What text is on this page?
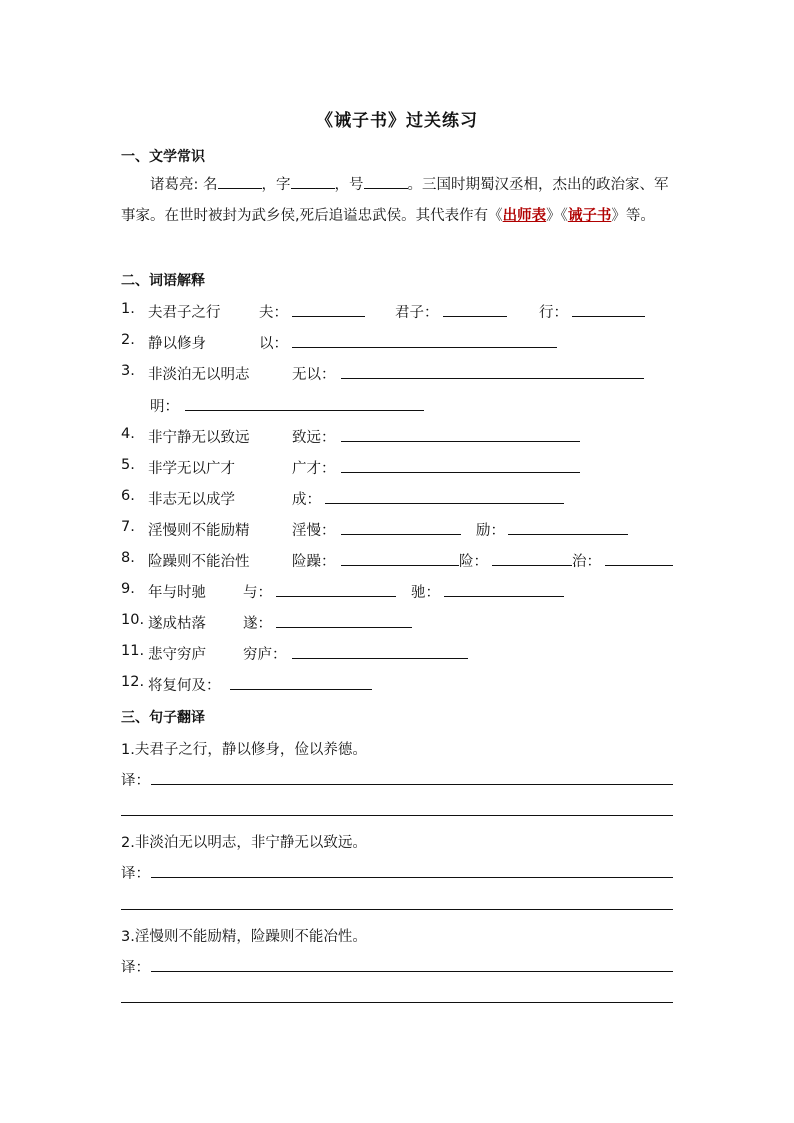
《诫子书》过关练习
一、文学常识
诸葛亮: 名	，字	，号	。三国时期蜀汉丞相，杰出的政治家、军事家。在世时被封为武乡侯,死后追谥忠武侯。其代表作有《出师表》《诫子书》等。
二、词语解释
1. 夫君子之行	夫：	君子：	行：
2. 静以修身	以：
3. 非淡泊无以明志	无以：
明：
4. 非宁静无以致远	致远：
5. 非学无以广才	广才：
6. 非志无以成学	成：
7. 淫慢则不能励精	淫慢：	励：
8. 险躁则不能治性	险躁：	险：	治：
9. 年与时驰	与：	驰：
10. 遂成枯落	遂：
11. 悲守穷庐	穷庐：
12. 将复何及：
三、句子翻译
1.夫君子之行，静以修身，俭以养德。
译：
2.非淡泊无以明志，非宁静无以致远。
译：
3.淫慢则不能励精，险躁则不能冶性。
译：
